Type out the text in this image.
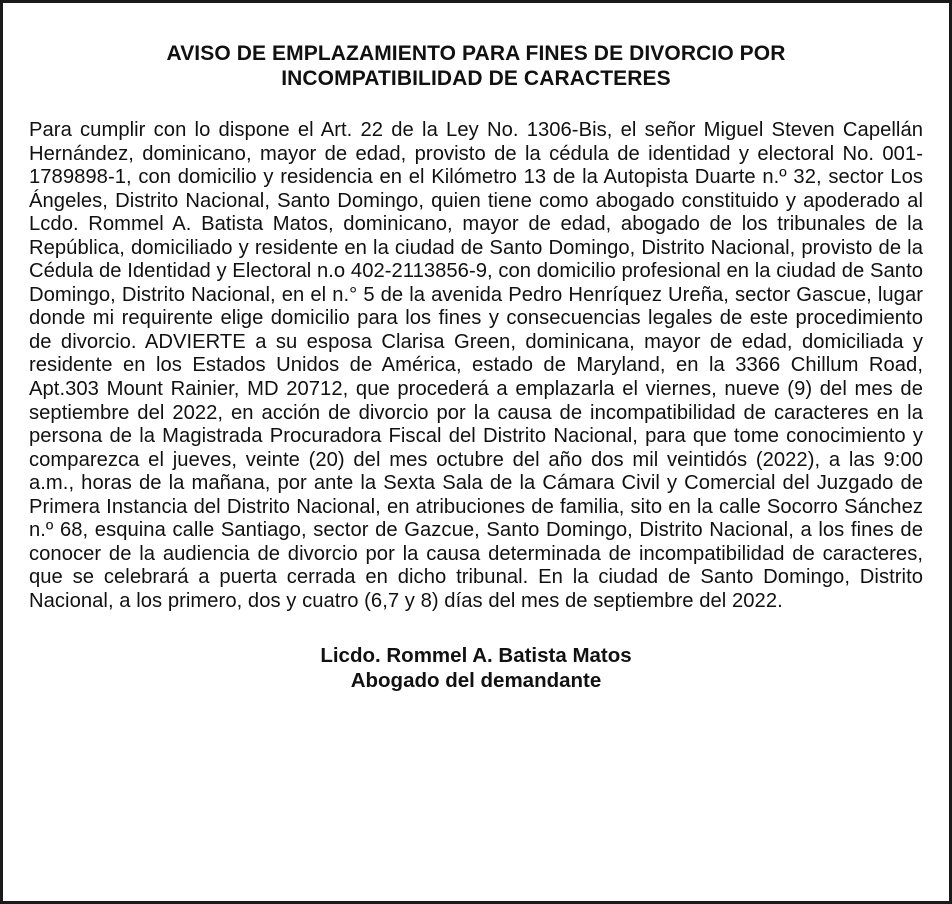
AVISO DE EMPLAZAMIENTO PARA FINES DE DIVORCIO POR
INCOMPATIBILIDAD DE CARACTERES

Para cumplir con lo dispone el Art. 22 de la Ley No. 1306-Bis, el señor Miguel Steven Capellán Hernández, dominicano, mayor de edad, provisto de la cédula de identidad y electoral No. 001-1789898-1, con domicilio y residencia en el Kilómetro 13 de la Autopista Duarte n.º 32, sector Los Ángeles, Distrito Nacional, Santo Domingo, quien tiene como abogado constituido y apoderado al Lcdo. Rommel A. Batista Matos, dominicano, mayor de edad, abogado de los tribunales de la República, domiciliado y residente en la ciudad de Santo Domingo, Distrito Nacional, provisto de la Cédula de Identidad y Electoral n.o 402-2113856-9, con domicilio profesional en la ciudad de Santo Domingo, Distrito Nacional, en el n.° 5 de la avenida Pedro Henríquez Ureña, sector Gascue, lugar donde mi requirente elige domicilio para los fines y consecuencias legales de este procedimiento de divorcio. ADVIERTE a su esposa Clarisa Green, dominicana, mayor de edad, domiciliada y residente en los Estados Unidos de América, estado de Maryland, en la 3366 Chillum Road, Apt.303 Mount Rainier, MD 20712, que procederá a emplazarla el viernes, nueve (9) del mes de septiembre del 2022, en acción de divorcio por la causa de incompatibilidad de caracteres en la persona de la Magistrada Procuradora Fiscal del Distrito Nacional, para que tome conocimiento y comparezca el jueves, veinte (20) del mes octubre del año dos mil veintidós (2022), a las 9:00 a.m., horas de la mañana, por ante la Sexta Sala de la Cámara Civil y Comercial del Juzgado de Primera Instancia del Distrito Nacional, en atribuciones de familia, sito en la calle Socorro Sánchez n.º 68, esquina calle Santiago, sector de Gazcue, Santo Domingo, Distrito Nacional, a los fines de conocer de la audiencia de divorcio por la causa determinada de incompatibilidad de caracteres, que se celebrará a puerta cerrada en dicho tribunal. En la ciudad de Santo Domingo, Distrito Nacional, a los primero, dos y cuatro (6,7 y 8) días del mes de septiembre del 2022.

Licdo. Rommel A. Batista Matos
Abogado del demandante
